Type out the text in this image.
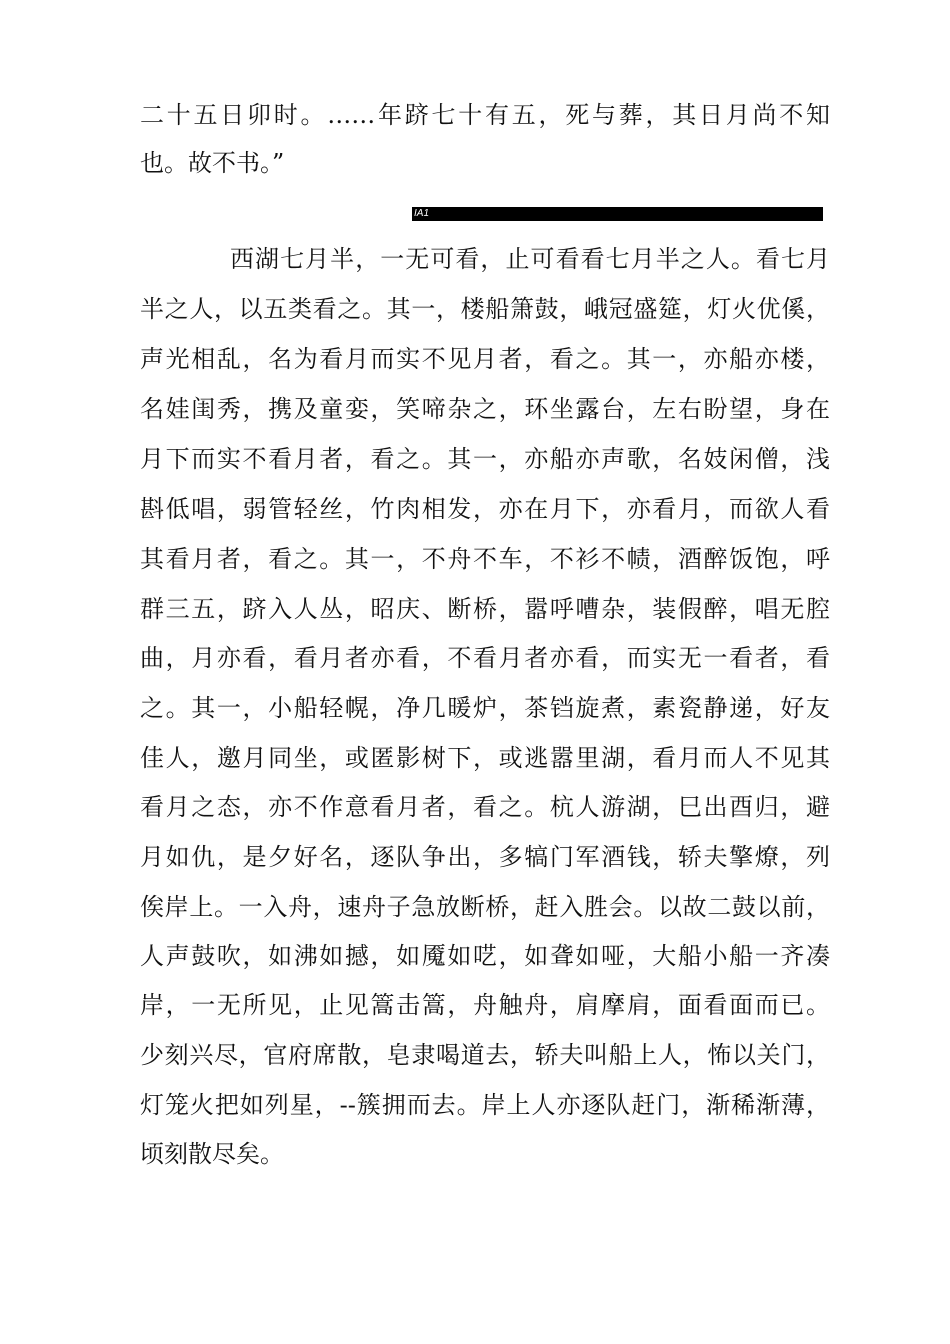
二十五日卯时。……年跻七十有五，死与葬，其日月尚不知
也。故不书。”
IA1
西湖七月半，一无可看，止可看看七月半之人。看七月
半之人，以五类看之。其一，楼船箫鼓，峨冠盛筵，灯火优傒，
声光相乱，名为看月而实不见月者，看之。其一，亦船亦楼，
名娃闺秀，携及童娈，笑啼杂之，环坐露台，左右盼望，身在
月下而实不看月者，看之。其一，亦船亦声歌，名妓闲僧，浅
斟低唱，弱管轻丝，竹肉相发，亦在月下，亦看月，而欲人看
其看月者，看之。其一，不舟不车，不衫不帻，酒醉饭饱，呼
群三五，跻入人丛，昭庆、断桥，嚣呼嘈杂，装假醉，唱无腔
曲，月亦看，看月者亦看，不看月者亦看，而实无一看者，看
之。其一，小船轻幌，净几暖炉，茶铛旋煮，素瓷静递，好友
佳人，邀月同坐，或匿影树下，或逃嚣里湖，看月而人不见其
看月之态，亦不作意看月者，看之。杭人游湖，巳出酉归，避
月如仇，是夕好名，逐队争出，多犒门军酒钱，轿夫擎燎，列
俟岸上。一入舟，速舟子急放断桥，赶入胜会。以故二鼓以前，
人声鼓吹，如沸如撼，如魇如呓，如聋如哑，大船小船一齐凑
岸，一无所见，止见篙击篙，舟触舟，肩摩肩，面看面而已。
少刻兴尽，官府席散，皂隶喝道去，轿夫叫船上人，怖以关门，
灯笼火把如列星，--簇拥而去。岸上人亦逐队赶门，渐稀渐薄，
顷刻散尽矣。
